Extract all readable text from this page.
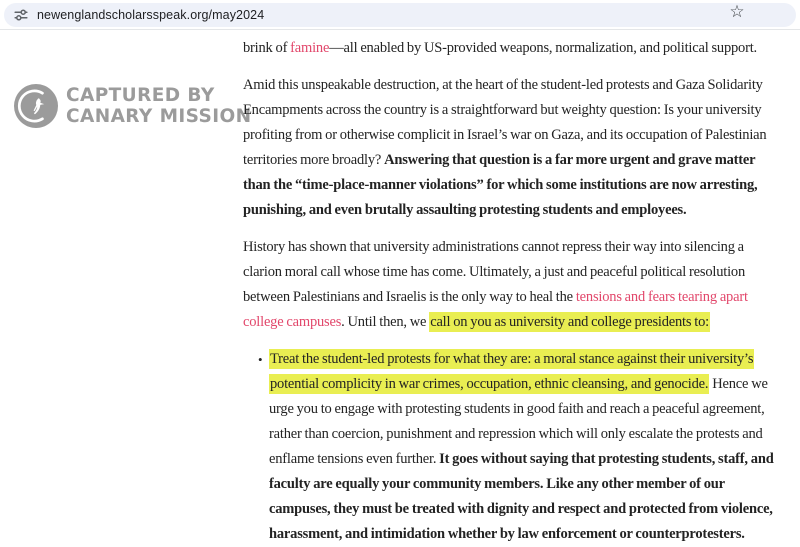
newenglandscholarsspeak.org/may2024	☆
CAPTURED BY
CANARY MISSION

brink of famine—all enabled by US-provided weapons, normalization, and political support.

Amid this unspeakable destruction, at the heart of the student-led protests and Gaza Solidarity Encampments across the country is a straightforward but weighty question: Is your university profiting from or otherwise complicit in Israel’s war on Gaza, and its occupation of Palestinian territories more broadly? Answering that question is a far more urgent and grave matter than the “time-place-manner violations” for which some institutions are now arresting, punishing, and even brutally assaulting protesting students and employees.

History has shown that university administrations cannot repress their way into silencing a clarion moral call whose time has come. Ultimately, a just and peaceful political resolution between Palestinians and Israelis is the only way to heal the tensions and fears tearing apart college campuses. Until then, we call on you as university and college presidents to:

• Treat the student-led protests for what they are: a moral stance against their university’s potential complicity in war crimes, occupation, ethnic cleansing, and genocide. Hence we urge you to engage with protesting students in good faith and reach a peaceful agreement, rather than coercion, punishment and repression which will only escalate the protests and enflame tensions even further. It goes without saying that protesting students, staff, and faculty are equally your community members. Like any other member of our campuses, they must be treated with dignity and respect and protected from violence, harassment, and intimidation whether by law enforcement or counterprotesters.
